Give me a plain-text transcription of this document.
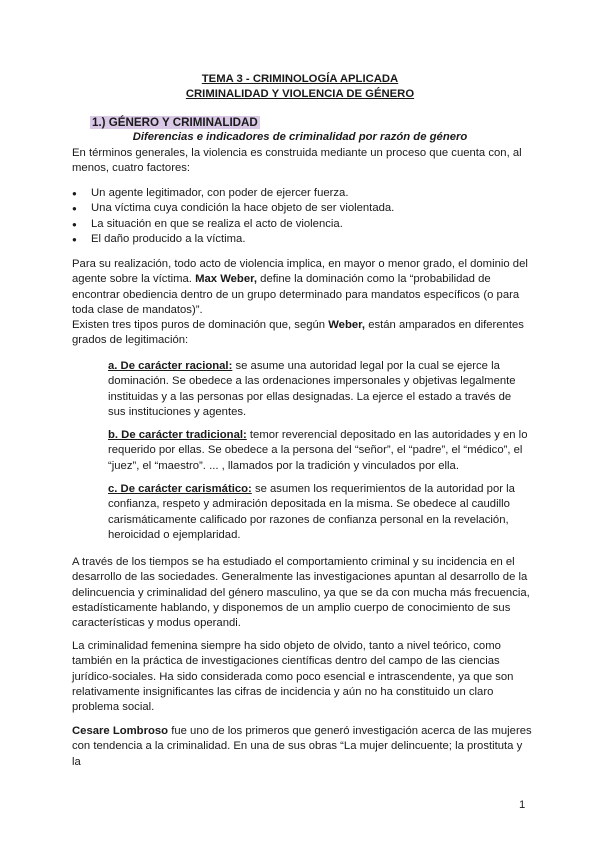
TEMA 3 - CRIMINOLOGÍA APLICADA
CRIMINALIDAD Y VIOLENCIA DE GÉNERO
1.) GÉNERO Y CRIMINALIDAD
Diferencias e indicadores de criminalidad por razón de género

En términos generales, la violencia es construida mediante un proceso que cuenta con, al menos, cuatro factores:

● Un agente legitimador, con poder de ejercer fuerza.
● Una víctima cuya condición la hace objeto de ser violentada.
● La situación en que se realiza el acto de violencia.
● El daño producido a la víctima.

Para su realización, todo acto de violencia implica, en mayor o menor grado, el dominio del agente sobre la víctima. Max Weber, define la dominación como la “probabilidad de encontrar obediencia dentro de un grupo determinado para mandatos específicos (o para toda clase de mandatos)”.

Existen tres tipos puros de dominación que, según Weber, están amparados en diferentes grados de legitimación:

a. De carácter racional: se asume una autoridad legal por la cual se ejerce la dominación. Se obedece a las ordenaciones impersonales y objetivas legalmente instituidas y a las personas por ellas designadas. La ejerce el estado a través de sus instituciones y agentes.

b. De carácter tradicional: temor reverencial depositado en las autoridades y en lo requerido por ellas. Se obedece a la persona del “señor”, el “padre”, el “médico”, el “juez”, el “maestro”. ... , llamados por la tradición y vinculados por ella.

c. De carácter carismático: se asumen los requerimientos de la autoridad por la confianza, respeto y admiración depositada en la misma. Se obedece al caudillo carismáticamente calificado por razones de confianza personal en la revelación, heroicidad o ejemplaridad.

A través de los tiempos se ha estudiado el comportamiento criminal y su incidencia en el desarrollo de las sociedades. Generalmente las investigaciones apuntan al desarrollo de la delincuencia y criminalidad del género masculino, ya que se da con mucha más frecuencia, estadísticamente hablando, y disponemos de un amplio cuerpo de conocimiento de sus características y modus operandi.

La criminalidad femenina siempre ha sido objeto de olvido, tanto a nivel teórico, como también en la práctica de investigaciones científicas dentro del campo de las ciencias jurídico-sociales. Ha sido considerada como poco esencial e intrascendente, ya que son relativamente insignificantes las cifras de incidencia y aún no ha constituido un claro problema social.

Cesare Lombroso fue uno de los primeros que generó investigación acerca de las mujeres con tendencia a la criminalidad. En una de sus obras “La mujer delincuente; la prostituta y la

1
